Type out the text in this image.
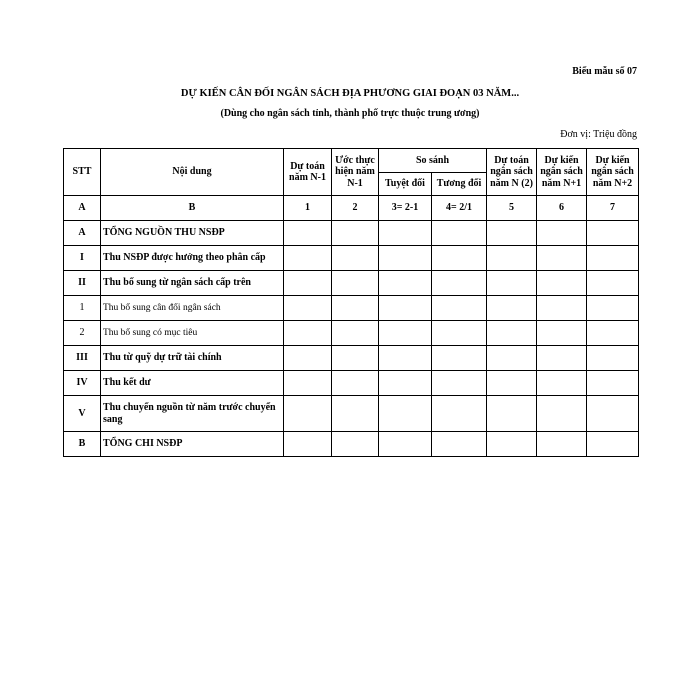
Biểu mẫu số 07
DỰ KIẾN CÂN ĐỐI NGÂN SÁCH ĐỊA PHƯƠNG GIAI ĐOẠN 03 NĂM...
(Dùng cho ngân sách tỉnh, thành phố trực thuộc trung ương)
Đơn vị: Triệu đồng
STT	Nội dung	Dự toán năm N-1	Ước thực hiện năm N-1	So sánh		Dự toán ngân sách năm N (2)	Dự kiến ngân sách năm N+1	Dự kiến ngân sách năm N+2
				Tuyệt đối	Tương đối			
A	B	1	2	3= 2-1	4= 2/1	5	6	7
A	TỔNG NGUỒN THU NSĐP							
I	Thu NSĐP được hưởng theo phân cấp							
II	Thu bổ sung từ ngân sách cấp trên							
1	Thu bổ sung cân đối ngân sách							
2	Thu bổ sung có mục tiêu							
III	Thu từ quỹ dự trữ tài chính							
IV	Thu kết dư							
V	Thu chuyển nguồn từ năm trước chuyển sang							
B	TỔNG CHI NSĐP							
